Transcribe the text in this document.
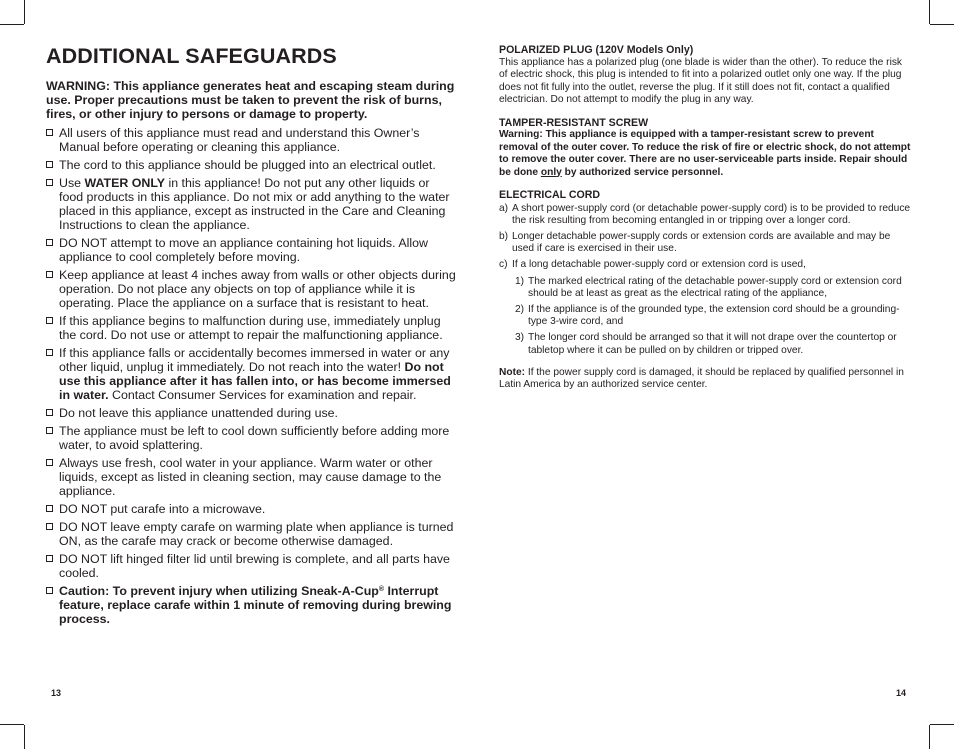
ADDITIONAL SAFEGUARDS

WARNING: This appliance generates heat and escaping steam during use. Proper precautions must be taken to prevent the risk of burns, fires, or other injury to persons or damage to property.

All users of this appliance must read and understand this Owner’s Manual before operating or cleaning this appliance.
The cord to this appliance should be plugged into an electrical outlet.
Use WATER ONLY in this appliance! Do not put any other liquids or food products in this appliance. Do not mix or add anything to the water placed in this appliance, except as instructed in the Care and Cleaning Instructions to clean the appliance.
DO NOT attempt to move an appliance containing hot liquids. Allow appliance to cool completely before moving.
Keep appliance at least 4 inches away from walls or other objects during operation. Do not place any objects on top of appliance while it is operating. Place the appliance on a surface that is resistant to heat.
If this appliance begins to malfunction during use, immediately unplug the cord. Do not use or attempt to repair the malfunctioning appliance.
If this appliance falls or accidentally becomes immersed in water or any other liquid, unplug it immediately. Do not reach into the water! Do not use this appliance after it has fallen into, or has become immersed in water. Contact Consumer Services for examination and repair.
Do not leave this appliance unattended during use.
The appliance must be left to cool down sufficiently before adding more water, to avoid splattering.
Always use fresh, cool water in your appliance. Warm water or other liquids, except as listed in cleaning section, may cause damage to the appliance.
DO NOT put carafe into a microwave.
DO NOT leave empty carafe on warming plate when appliance is turned ON, as the carafe may crack or become otherwise damaged.
DO NOT lift hinged filter lid until brewing is complete, and all parts have cooled.
Caution: To prevent injury when utilizing Sneak-A-Cup® Interrupt feature, replace carafe within 1 minute of removing during brewing process.
13

POLARIZED PLUG (120V Models Only)

This appliance has a polarized plug (one blade is wider than the other). To reduce the risk of electric shock, this plug is intended to fit into a polarized outlet only one way. If the plug does not fit fully into the outlet, reverse the plug. If it still does not fit, contact a qualified electrician. Do not attempt to modify the plug in any way.

TAMPER-RESISTANT SCREW

Warning: This appliance is equipped with a tamper-resistant screw to prevent removal of the outer cover. To reduce the risk of fire or electric shock, do not attempt to remove the outer cover. There are no user-serviceable parts inside. Repair should be done only by authorized service personnel.

ELECTRICAL CORD

a) A short power-supply cord (or detachable power-supply cord) is to be provided to reduce the risk resulting from becoming entangled in or tripping over a longer cord.
b) Longer detachable power-supply cords or extension cords are available and may be used if care is exercised in their use.
c) If a long detachable power-supply cord or extension cord is used,
1) The marked electrical rating of the detachable power-supply cord or extension cord should be at least as great as the electrical rating of the appliance,
2) If the appliance is of the grounded type, the extension cord should be a grounding-type 3-wire cord, and
3) The longer cord should be arranged so that it will not drape over the countertop or tabletop where it can be pulled on by children or tripped over.

Note: If the power supply cord is damaged, it should be replaced by qualified personnel in Latin America by an authorized service center.

14
